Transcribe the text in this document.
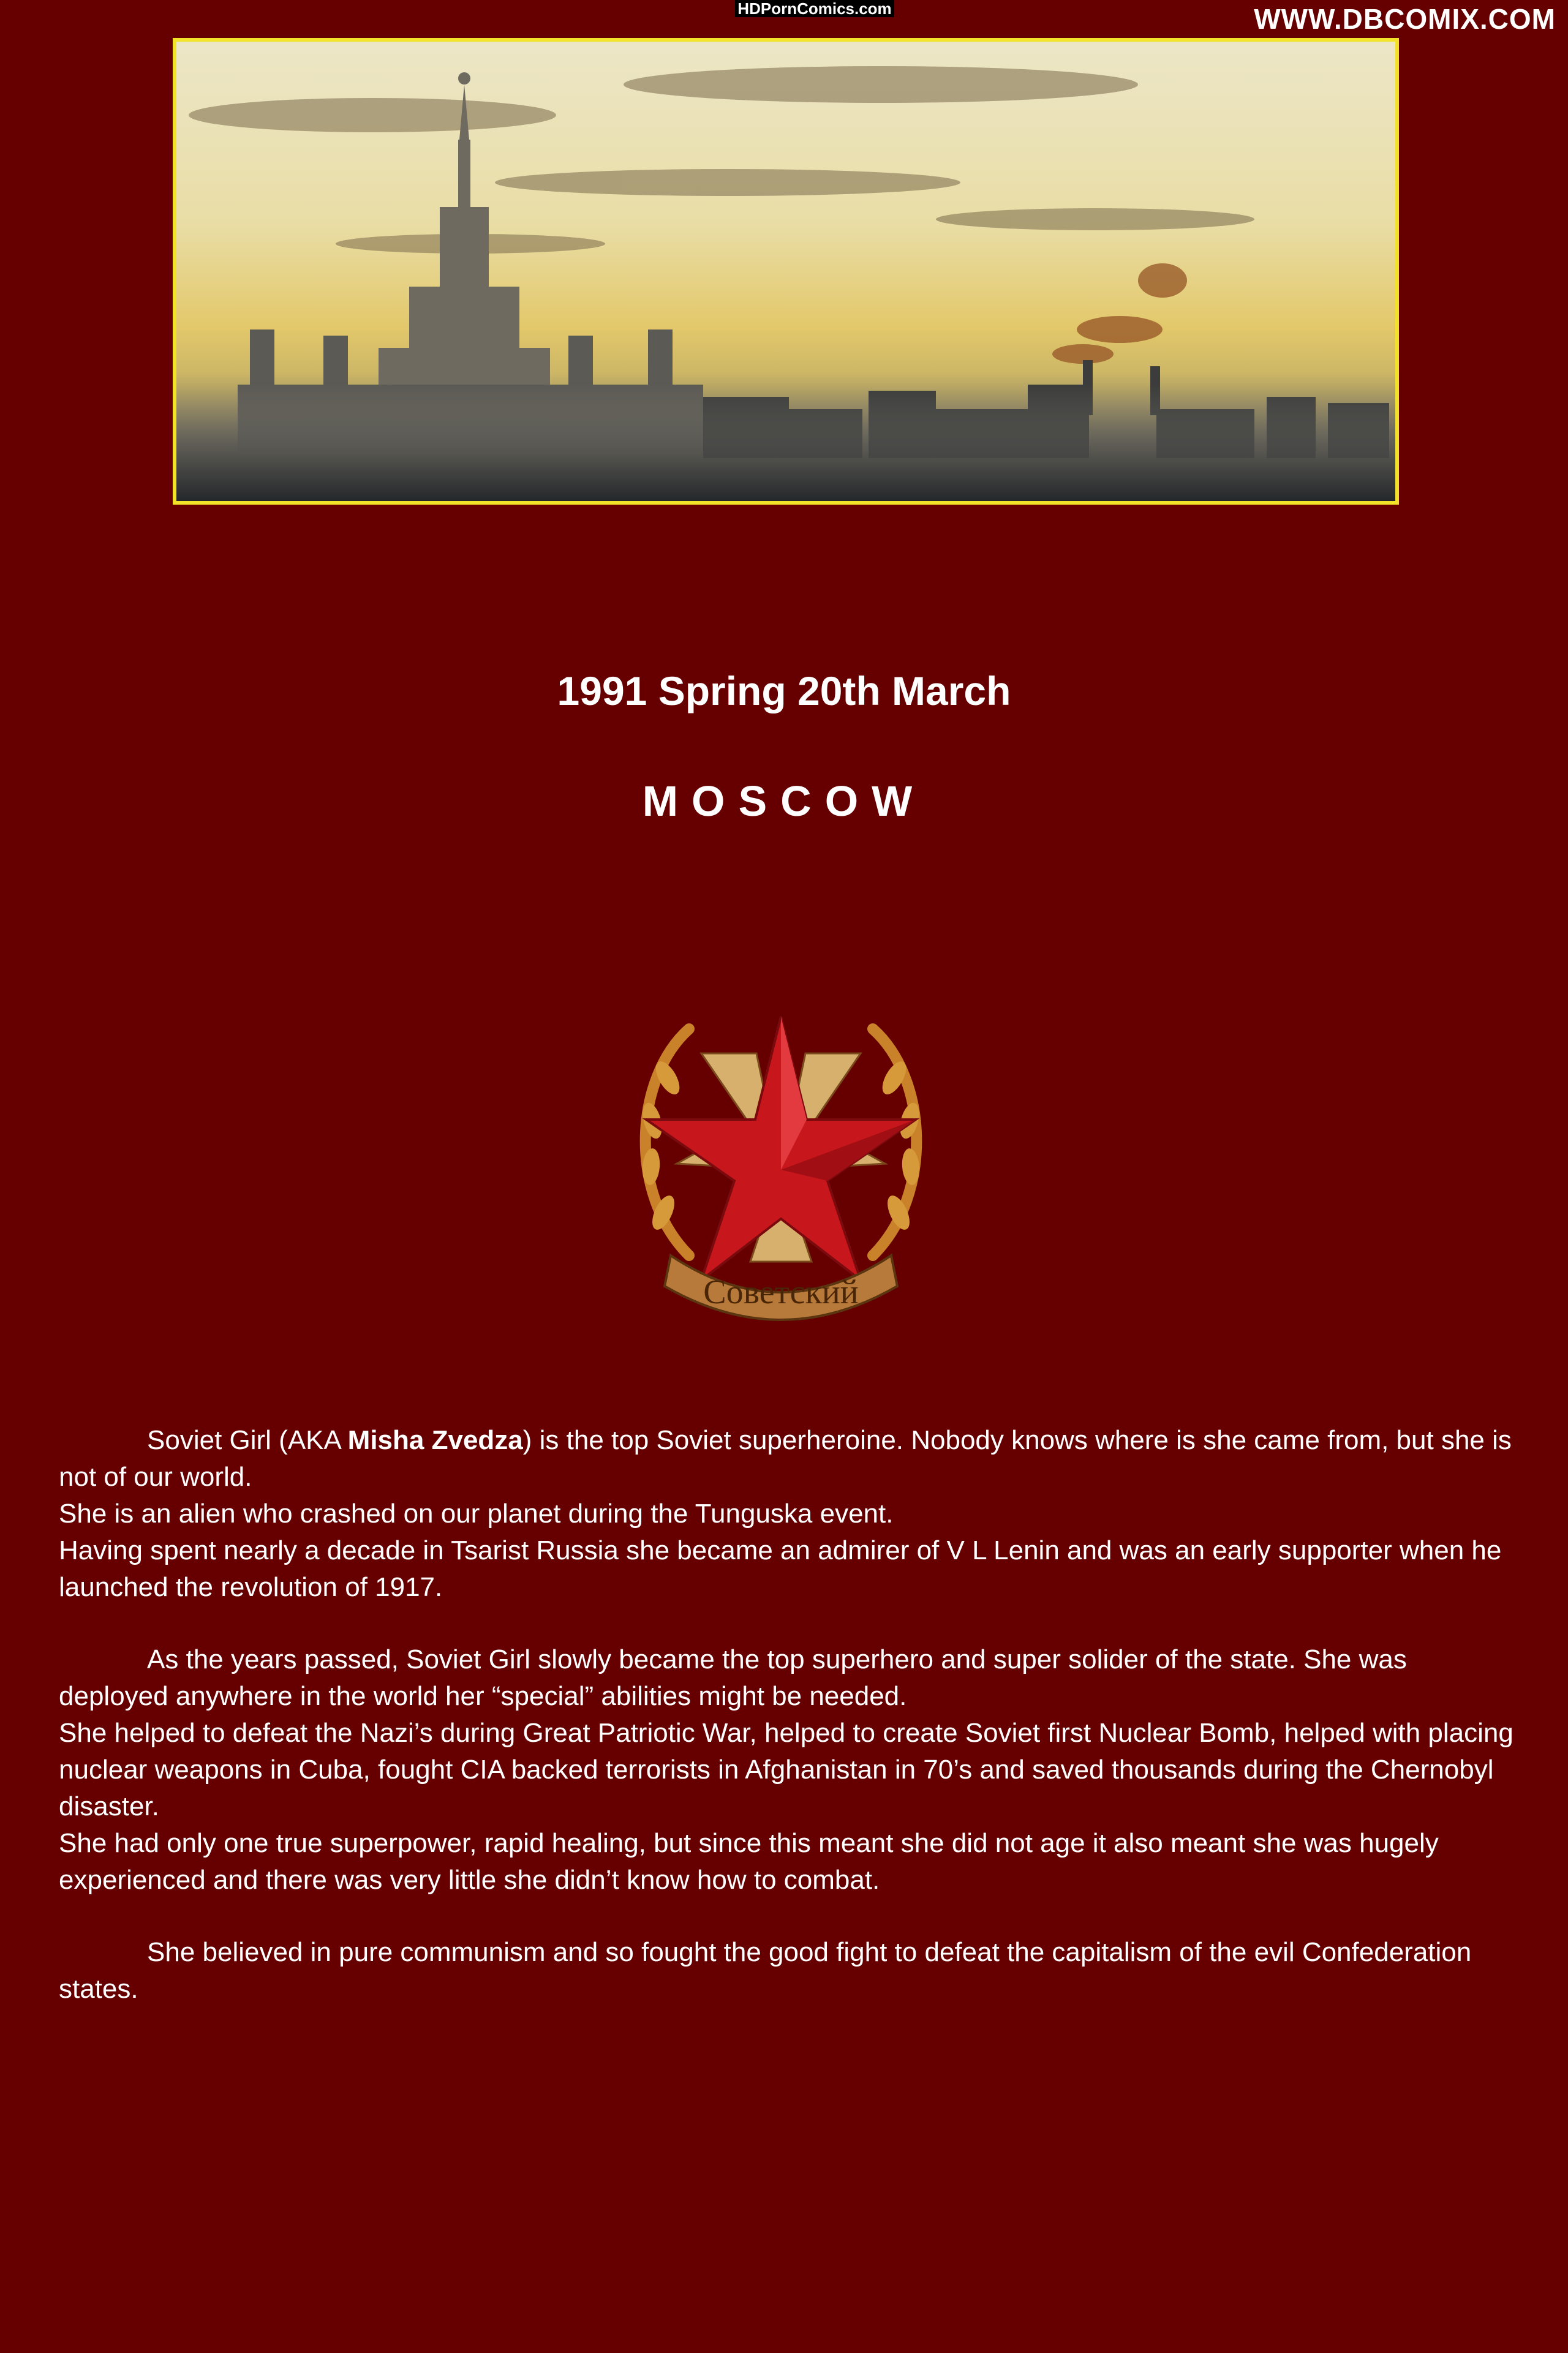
HDPornComics.com	WWW.DBCOMIX.COM
1991 Spring 20th March
MOSCOW
Советский

Soviet Girl (AKA Misha Zvedza) is the top Soviet superheroine. Nobody knows where is she came from, but she is not of our world.
She is an alien who crashed on our planet during the Tunguska event.
Having spent nearly a decade in Tsarist Russia she became an admirer of V L Lenin and was an early supporter when he launched the revolution of 1917.

As the years passed, Soviet Girl slowly became the top superhero and super solider of the state. She was deployed anywhere in the world her “special” abilities might be needed.
She helped to defeat the Nazi’s during Great Patriotic War, helped to create Soviet first Nuclear Bomb, helped with placing nuclear weapons in Cuba, fought CIA backed terrorists in Afghanistan in 70’s and saved thousands during the Chernobyl disaster.
She had only one true superpower, rapid healing, but since this meant she did not age it also meant she was hugely experienced and there was very little she didn’t know how to combat.

She believed in pure communism and so fought the good fight to defeat the capitalism of the evil Confederation states.
